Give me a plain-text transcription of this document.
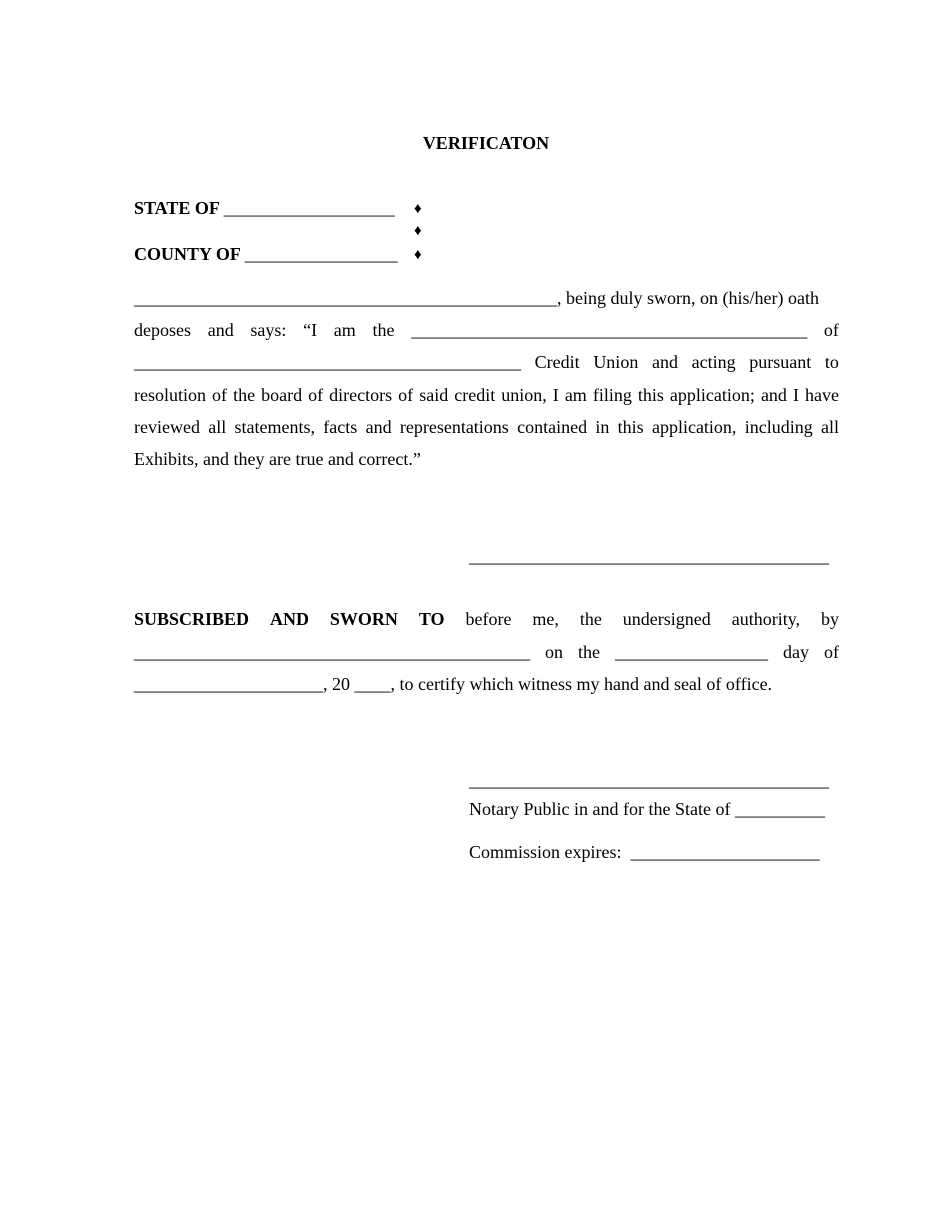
VERIFICATON
STATE OF ___________________ ♦
♦
COUNTY OF _________________ ♦
_______________________________________________, being duly sworn, on (his/her) oath
deposes and says: “I am the ____________________________________________ of
___________________________________________ Credit Union and acting pursuant to
resolution of the board of directors of said credit union, I am filing this application; and I have
reviewed all statements, facts and representations contained in this application, including all
Exhibits, and they are true and correct.”
________________________________________
SUBSCRIBED AND SWORN TO before me, the undersigned authority, by
____________________________________________ on the _________________ day of
_____________________, 20 ____, to certify which witness my hand and seal of office.
________________________________________
Notary Public in and for the State of __________
Commission expires: _____________________
